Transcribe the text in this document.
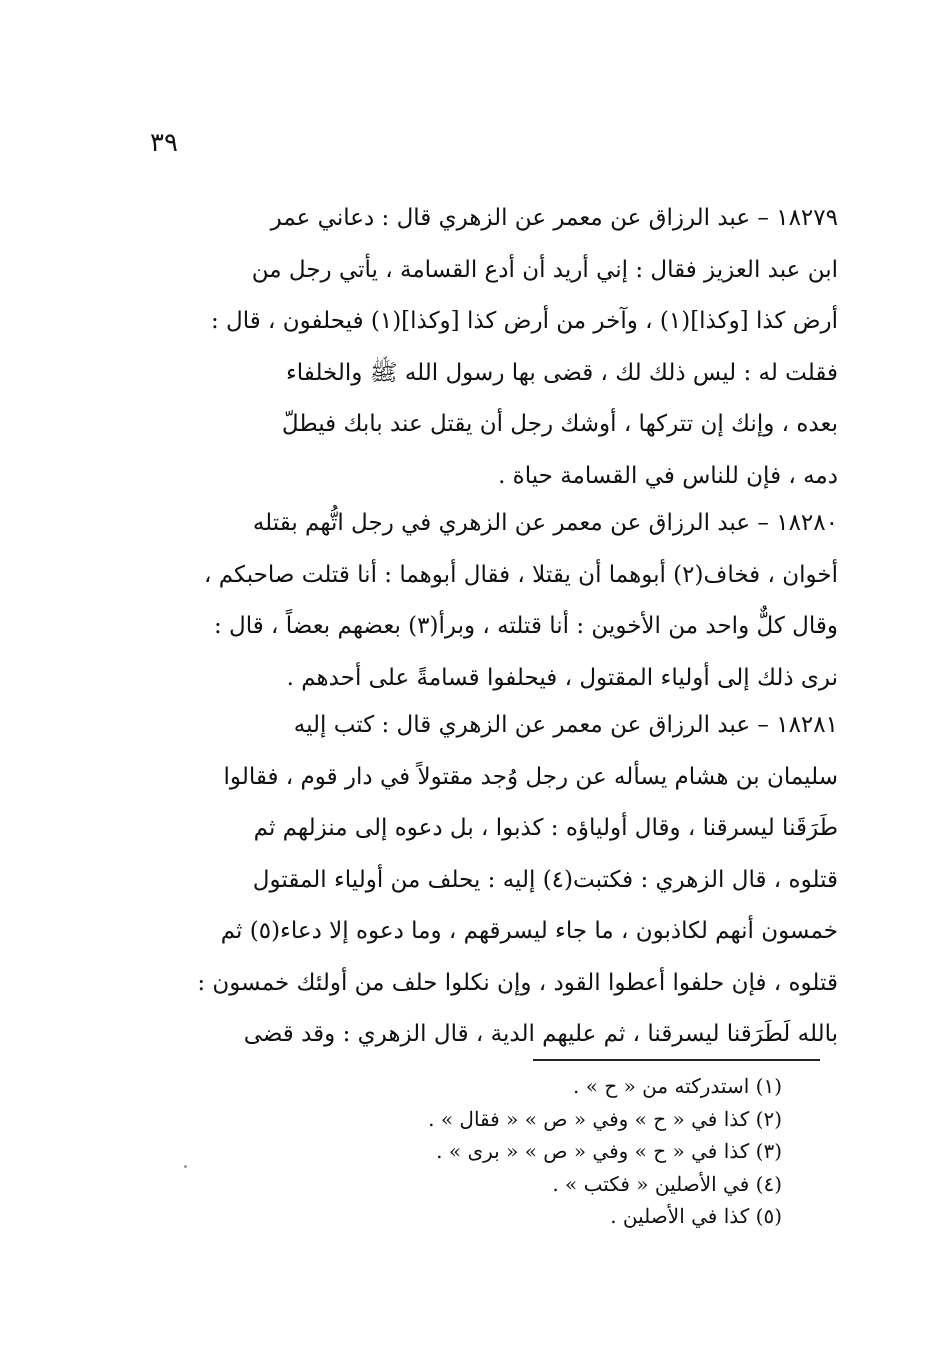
٣٩
١٨٢٧٩ – عبد الرزاق عن معمر عن الزهري قال : دعاني عمر
ابن عبد العزيز فقال : إني أريد أن أدع القسامة ، يأتي رجل من
أرض كذا [وكذا](١) ، وآخر من أرض كذا [وكذا](١) فيحلفون ، قال :
فقلت له : ليس ذلك لك ، قضى بها رسول الله ﷺ والخلفاء
بعده ، وإنك إن تتركها ، أوشك رجل أن يقتل عند بابك فيطلّ
دمه ، فإن للناس في القسامة حياة .
١٨٢٨٠ – عبد الرزاق عن معمر عن الزهري في رجل اتُّهم بقتله
أخوان ، فخاف(٢) أبوهما أن يقتلا ، فقال أبوهما : أنا قتلت صاحبكم ،
وقال كلٌّ واحد من الأخوين : أنا قتلته ، وبرأ(٣) بعضهم بعضاً ، قال :
نرى ذلك إلى أولياء المقتول ، فيحلفوا قسامةً على أحدهم .
١٨٢٨١ – عبد الرزاق عن معمر عن الزهري قال : كتب إليه
سليمان بن هشام يسأله عن رجل وُجد مقتولاً في دار قوم ، فقالوا
طَرَقَنا ليسرقنا ، وقال أولياؤه : كذبوا ، بل دعوه إلى منزلهم ثم
قتلوه ، قال الزهري : فكتبت(٤) إليه : يحلف من أولياء المقتول
خمسون أنهم لكاذبون ، ما جاء ليسرقهم ، وما دعوه إلا دعاء(٥) ثم
قتلوه ، فإن حلفوا أعطوا القود ، وإن نكلوا حلف من أولئك خمسون :
بالله لَطَرَقنا ليسرقنا ، ثم عليهم الدية ، قال الزهري : وقد قضى
(١) استدركته من « ح » .
(٢) كذا في « ح » وفي « ص » « فقال » .
(٣) كذا في « ح » وفي « ص » « برى » .
(٤) في الأصلين « فكتب » .
(٥) كذا في الأصلين .
